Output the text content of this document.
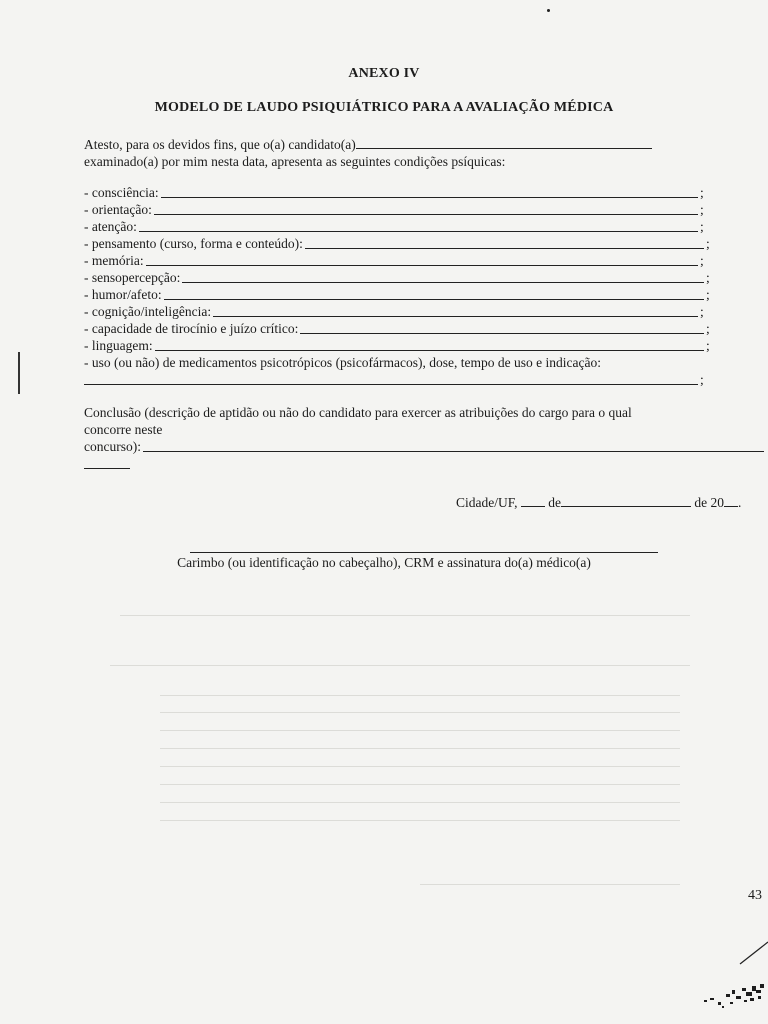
ANEXO IV
MODELO DE LAUDO PSIQUIÁTRICO PARA A AVALIAÇÃO MÉDICA
Atesto, para os devidos fins, que o(a) candidato(a)
examinado(a) por mim nesta data, apresenta as seguintes condições psíquicas:
- consciência:	;
- orientação:	;
- atenção:	;
- pensamento (curso, forma e conteúdo):	;
- memória:	;
- sensopercepção:	;
- humor/afeto:	;
- cognição/inteligência:	;
- capacidade de tirocínio e juízo crítico:	;
- linguagem:	;
- uso (ou não) de medicamentos psicotrópicos (psicofármacos), dose, tempo de uso e indicação:
;
Conclusão (descrição de aptidão ou não do candidato para exercer as atribuições do cargo para o qual
concorre neste
concurso):
Cidade/UF, de	de 20 .
Carimbo (ou identificação no cabeçalho), CRM e assinatura do(a) médico(a)
43
